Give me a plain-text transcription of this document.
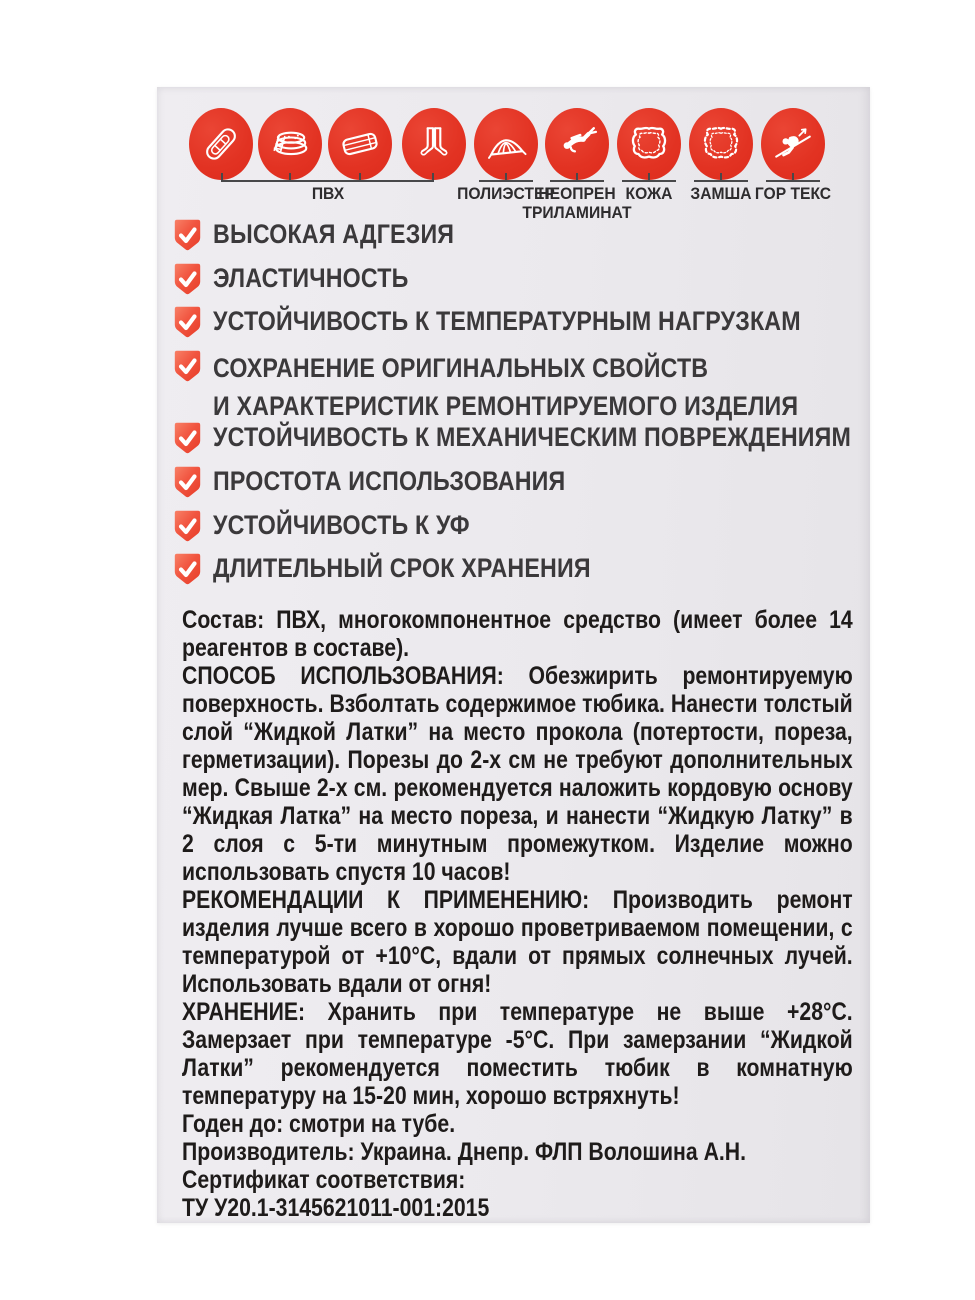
ПВХ	ПОЛИЭСТЕР
НЕОПРЕН
ТРИЛАМИНАТ
КОЖА	ЗАМША ГОР ТЕКС
ВЫСОКАЯ АДГЕЗИЯ
ЭЛАСТИЧНОСТЬ
УСТОЙЧИВОСТЬ К ТЕМПЕРАТУРНЫМ НАГРУЗКАМ
СОХРАНЕНИЕ ОРИГИНАЛЬНЫХ СВОЙСТВ
И ХАРАКТЕРИСТИК РЕМОНТИРУЕМОГО ИЗДЕЛИЯ
УСТОЙЧИВОСТЬ К МЕХАНИЧЕСКИМ ПОВРЕЖДЕНИЯМ
ПРОСТОТА ИСПОЛЬЗОВАНИЯ
УСТОЙЧИВОСТЬ К УФ
ДЛИТЕЛЬНЫЙ СРОК ХРАНЕНИЯ

Состав: ПВХ, многокомпонентное средство (имеет более 14 реагентов в составе).

СПОСОБ ИСПОЛЬЗОВАНИЯ: Обезжирить ремонтируемую поверхность. Взболтать содержимое тюбика. Нанести толстый слой “Жидкой Латки” на место прокола (потертости, пореза, герметизации). Порезы до 2-х см не требуют дополнительных мер. Свыше 2-х см. рекомендуется наложить кордовую основу “Жидкая Латка” на место пореза, и нанести “Жидкую Латку” в 2 слоя с 5-ти минутным промежутком. Изделие можно использовать спустя 10 часов!

РЕКОМЕНДАЦИИ К ПРИМЕНЕНИЮ: Производить ремонт изделия лучше всего в хорошо проветриваемом помещении, с температурой от +10°С, вдали от прямых солнечных лучей. Использовать вдали от огня!

ХРАНЕНИЕ: Хранить при температуре не выше +28°С. Замерзает при температуре -5°С. При замерзании “Жидкой Латки” рекомендуется поместить тюбик в комнатную температуру на 15-20 мин, хорошо встряхнуть!

Годен до: смотри на тубе.

Производитель: Украина. Днепр. ФЛП Волошина А.Н.

Сертификат соответствия:

ТУ У20.1-3145621011-001:2015
